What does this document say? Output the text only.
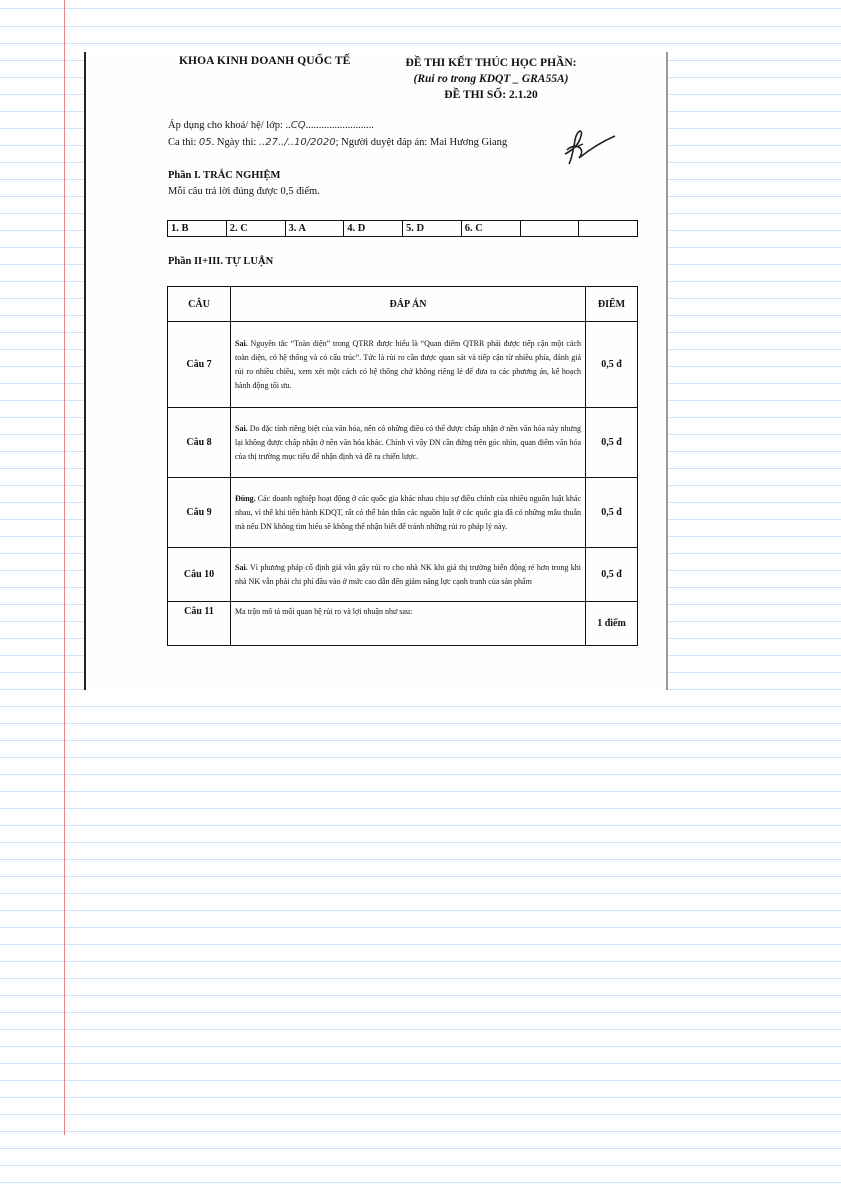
KHOA KINH DOANH QUỐC TẾ	ĐỀ THI KẾT THÚC HỌC PHẦN:
(Rui ro trong KDQT _ GRA55A)
ĐỀ THI SỐ: 2.1.20
Áp dụng cho khoá/ hệ/ lớp: ..CQ..........................
Ca thi: 05. Ngày thi: ..27../..10/2020; Người duyệt đáp án: Mai Hương Giang
Phần I. TRẮC NGHIỆM
Mỗi câu trả lời đúng được 0,5 điểm.
1. B	2. C	3. A	4. D	5. D	6. C		
Phần II+III. TỰ LUẬN
CÂU	ĐÁP ÁN	ĐIỂM
Câu 7	Sai. Nguyên tắc “Toàn diện” trong QTRR được hiểu là “Quan điểm QTRR phải được tiếp cận một cách toàn diện, có hệ thống và có cấu trúc”. Tức là rủi ro cần được quan sát và tiếp cận từ nhiều phía, đánh giá rủi ro nhiều chiều, xem xét một cách có hệ thống chứ không riêng lẻ để đưa ra các phương án, kế hoạch hành động tối ưu.	0,5 đ
Câu 8	Sai. Do đặc tính riêng biệt của văn hóa, nên có những điều có thể được chấp nhận ở nền văn hóa này nhưng lại không được chấp nhận ở nền văn hóa khác. Chính vì vậy DN cần đứng trên góc nhìn, quan điểm văn hóa của thị trường mục tiêu để nhận định và đề ra chiến lược.	0,5 đ
Câu 9	Đúng. Các doanh nghiệp hoạt động ở các quốc gia khác nhau chịu sự điều chỉnh của nhiều nguồn luật khác nhau, vì thế khi tiến hành KDQT, rất có thể bản thân các nguồn luật ở các quốc gia đã có những mâu thuẫn mà nếu DN không tìm hiểu sẽ không thể nhận biết để tránh những rủi ro pháp lý này.	0,5 đ
Câu 10	Sai. Vì phương pháp cố định giá vẫn gây rủi ro cho nhà NK khi giá thị trường biến động rẻ hơn trong khi nhà NK vẫn phải chi phí đầu vào ở mức cao dẫn đến giảm năng lực cạnh tranh của sản phẩm	0,5 đ
Câu 11	Ma trận mô tả mối quan hệ rủi ro và lợi nhuận như sau:	1 điểm
